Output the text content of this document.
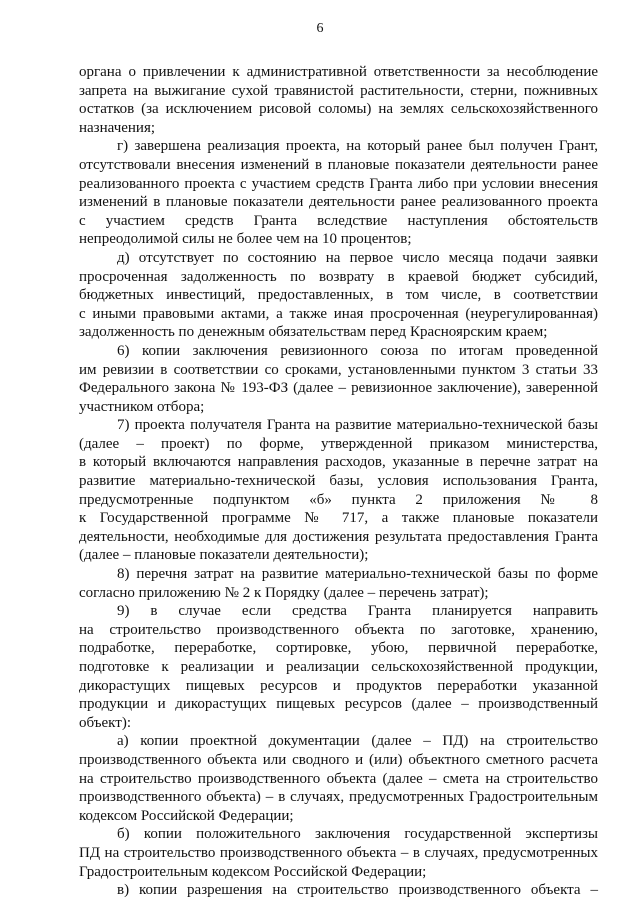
6
органа о привлечении к административной ответственности за несоблюдение
запрета на выжигание сухой травянистой растительности, стерни, пожнивных
остатков (за исключением рисовой соломы) на землях сельскохозяйственного
назначения;
г) завершена реализация проекта, на который ранее был получен Грант,
отсутствовали внесения изменений в плановые показатели деятельности ранее
реализованного проекта с участием средств Гранта либо при условии внесения
изменений в плановые показатели деятельности ранее реализованного проекта
с участием средств Гранта вследствие наступления обстоятельств
непреодолимой силы не более чем на 10 процентов;
д) отсутствует по состоянию на первое число месяца подачи заявки
просроченная задолженность по возврату в краевой бюджет субсидий,
бюджетных инвестиций, предоставленных, в том числе, в соответствии
с иными правовыми актами, а также иная просроченная (неурегулированная)
задолженность по денежным обязательствам перед Красноярским краем;
6) копии заключения ревизионного союза по итогам проведенной
им ревизии в соответствии со сроками, установленными пунктом 3 статьи 33
Федерального закона № 193-ФЗ (далее – ревизионное заключение), заверенной
участником отбора;
7) проекта получателя Гранта на развитие материально-технической базы
(далее – проект) по форме, утвержденной приказом министерства,
в который включаются направления расходов, указанные в перечне затрат на
развитие материально-технической базы, условия использования Гранта,
предусмотренные подпунктом «б» пункта 2 приложения № 8
к Государственной программе № 717, а также плановые показатели
деятельности, необходимые для достижения результата предоставления Гранта
(далее – плановые показатели деятельности);
8) перечня затрат на развитие материально-технической базы по форме
согласно приложению № 2 к Порядку (далее – перечень затрат);
9) в случае если средства Гранта планируется направить
на строительство производственного объекта по заготовке, хранению,
подработке, переработке, сортировке, убою, первичной переработке,
подготовке к реализации и реализации сельскохозяйственной продукции,
дикорастущих пищевых ресурсов и продуктов переработки указанной
продукции и дикорастущих пищевых ресурсов (далее – производственный
объект):
а) копии проектной документации (далее – ПД) на строительство
производственного объекта или сводного и (или) объектного сметного расчета
на строительство производственного объекта (далее – смета на строительство
производственного объекта) – в случаях, предусмотренных Градостроительным
кодексом Российской Федерации;
б) копии положительного заключения государственной экспертизы
ПД на строительство производственного объекта – в случаях, предусмотренных
Градостроительным кодексом Российской Федерации;
в) копии разрешения на строительство производственного объекта –
